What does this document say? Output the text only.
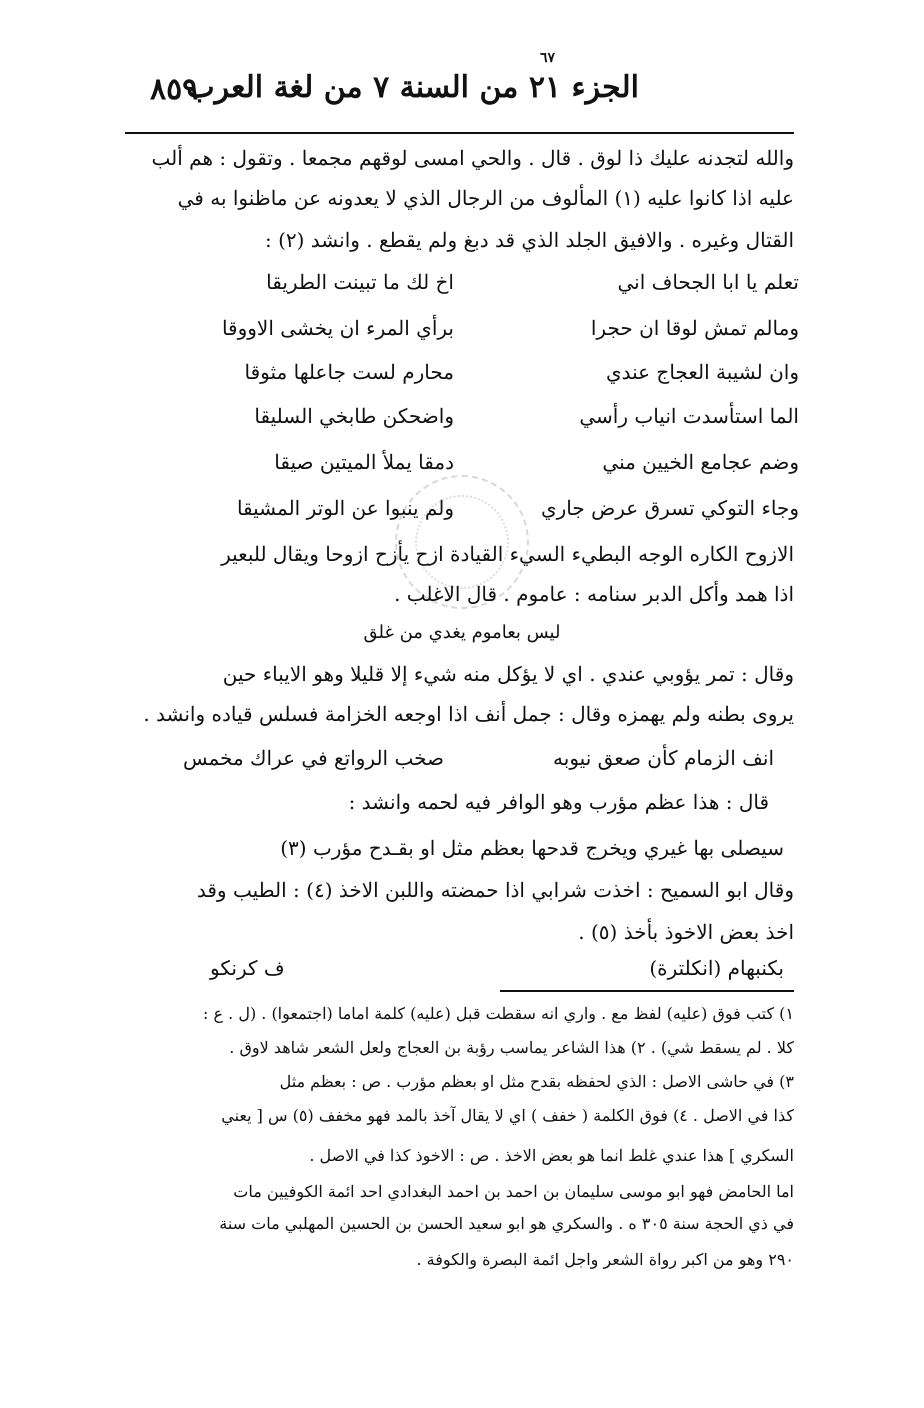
الجزء ٢١ من السنة ٧ من لغة العرب
٨٥٩
٦٧
والله لتجدنه عليك ذا لوق . قال . والحي امسى لوقهم مجمعا . وتقول : هم ألب
عليه اذا كانوا عليه (١) المألوف من الرجال الذي لا يعدونه عن ماظنوا به في
القتال وغيره . والافيق الجلد الذي قد دبغ ولم يقطع . وانشد (٢) :
تعلم يا ابا الجحاف اني
اخ لك ما تبينت الطريقا
ومالم تمش لوقا ان حجرا
برأي المرء ان يخشى الاووقا
وان لشيبة العجاج عندي
محارم لست جاعلها مثوقا
الما استأسدت انياب رأسي
واضحكن طابخي السليقا
وضم عجامع الخيين مني
دمقا يملأ الميتين صيقا
وجاء التوكي تسرق عرض جاري
ولم ينبوا عن الوتر المشيقا
الازوح الكاره الوجه البطيء السيء القيادة ازح يأزح ازوحا ويقال للبعير
اذا همد وأكل الدبر سنامه : عاموم . قال الاغلب .
ليس بعاموم يغدي من غلق
وقال : تمر يؤوبي عندي . اي لا يؤكل منه شيء إلا قليلا وهو الايباء حين
يروى بطنه ولم يهمزه وقال : جمل أنف اذا اوجعه الخزامة فسلس قياده وانشد .
انف الزمام كأن صعق نيوبه
صخب الرواتع في عراك مخمس
قال : هذا عظم مؤرب وهو الوافر فيه لحمه وانشد :
سيصلى بها غيري ويخرج قدحها بعظم مثل او بقـدح مؤرب (٣)
وقال ابو السميح : اخذت شرابي اذا حمضته واللبن الاخذ (٤) : الطيب وقد
اخذ بعض الاخوذ بأخذ (٥) .
بكنبهام (انكلترة)
ف كرنكو
١) كتب فوق (عليه) لفظ مع . واري انه سقطت قبل (عليه) كلمة اماما (اجتمعوا) . (ل . ع :
كلا . لم يسقط شي) . ٢) هذا الشاعر يماسب رؤبة بن العجاج ولعل الشعر شاهد لاوق .
٣) في حاشى الاصل : الذي لحفظه بقدح مثل او بعظم مؤرب . ص : بعظم مثل
كذا في الاصل . ٤) فوق الكلمة ( خفف ) اي لا يقال آخذ بالمد فهو مخفف (٥) س [ يعني
السكري ] هذا عندي غلط انما هو بعض الاخذ . ص : الاخوذ كذا في الاصل .
اما الحامض فهو ابو موسى سليمان بن احمد بن احمد البغدادي احد ائمة الكوفيين مات
في ذي الحجة سنة ٣٠٥ ه . والسكري هو ابو سعيد الحسن بن الحسين المهلبي مات سنة
٢٩٠ وهو من اكبر رواة الشعر واجل ائمة البصرة والكوفة .
